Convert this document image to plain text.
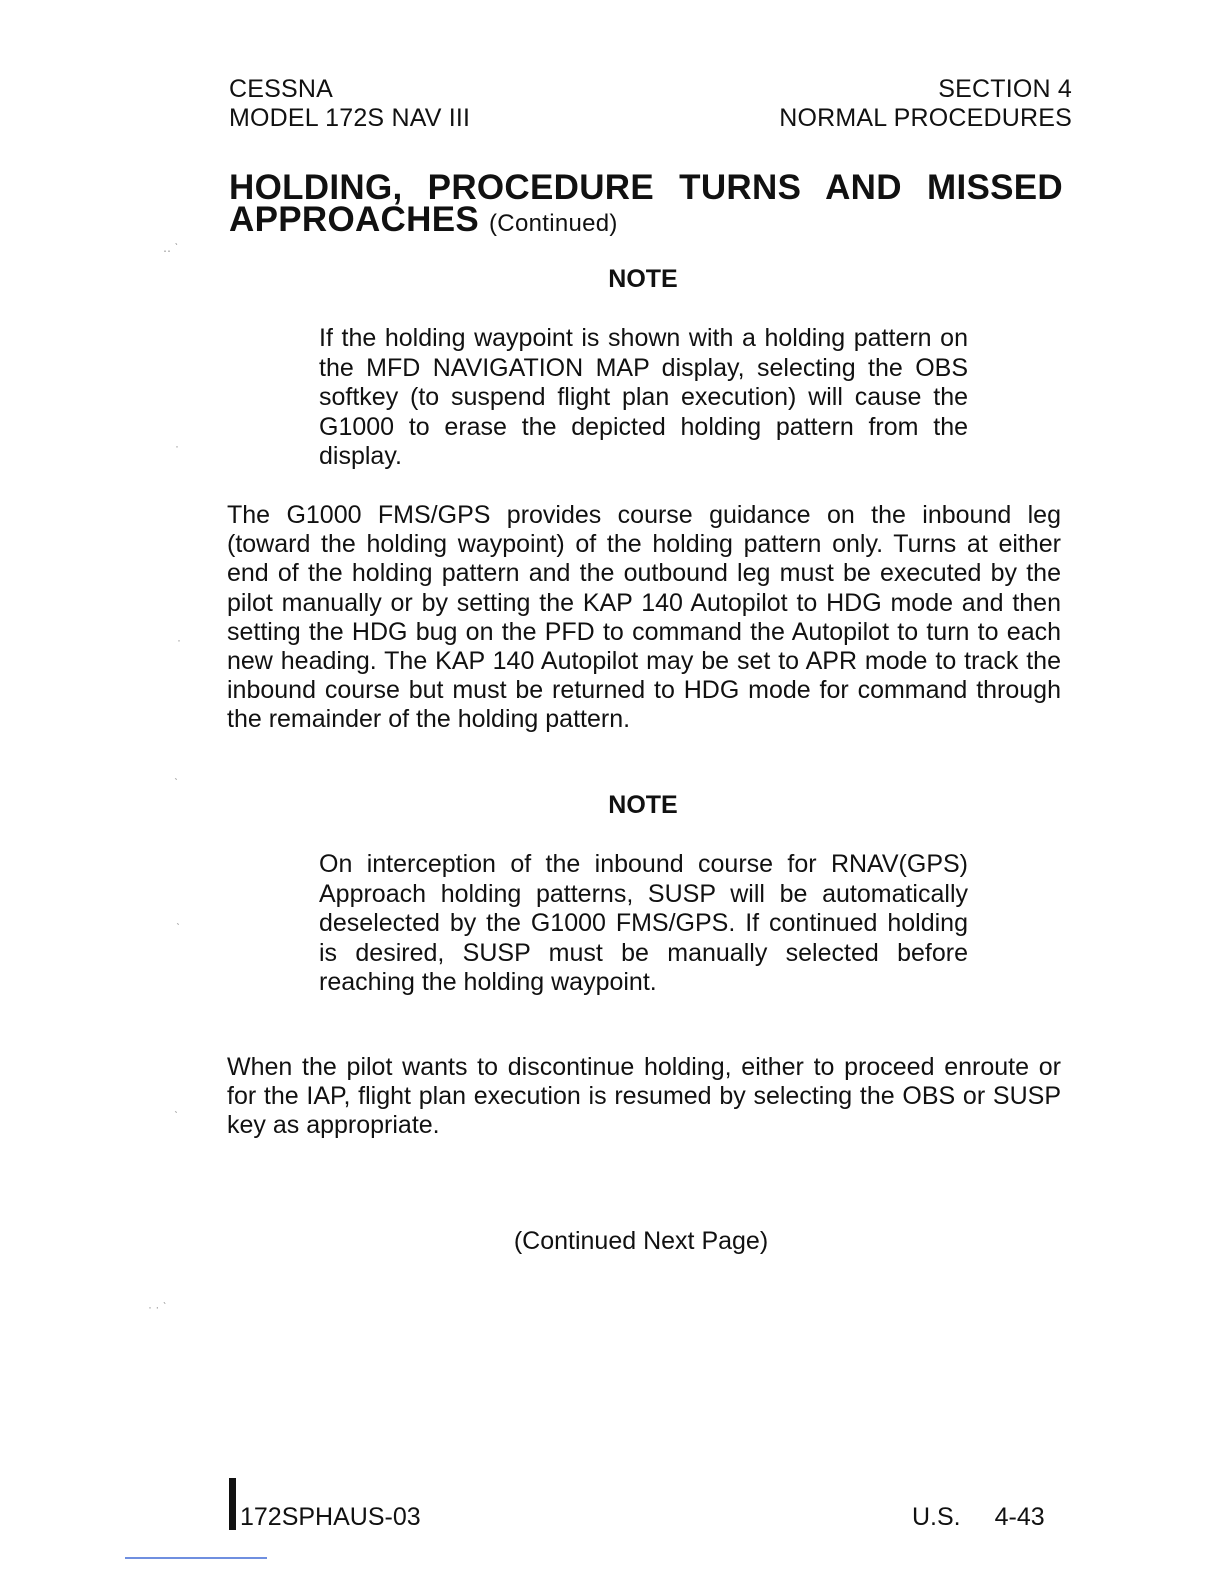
CESSNA
MODEL 172S NAV III
SECTION 4
NORMAL PROCEDURES
HOLDING, PROCEDURE TURNS AND MISSED
APPROACHES (Continued)
NOTE
If the holding waypoint is shown with a holding pattern on the MFD NAVIGATION MAP display, selecting the OBS softkey (to suspend flight plan execution) will cause the G1000 to erase the depicted holding pattern from the display.
The G1000 FMS/GPS provides course guidance on the inbound leg (toward the holding waypoint) of the holding pattern only. Turns at either end of the holding pattern and the outbound leg must be executed by the pilot manually or by setting the KAP 140 Autopilot to HDG mode and then setting the HDG bug on the PFD to command the Autopilot to turn to each new heading. The KAP 140 Autopilot may be set to APR mode to track the inbound course but must be returned to HDG mode for command through the remainder of the holding pattern.
NOTE
On interception of the inbound course for RNAV(GPS) Approach holding patterns, SUSP will be automatically deselected by the G1000 FMS/GPS. If continued holding is desired, SUSP must be manually selected before reaching the holding waypoint.
When the pilot wants to discontinue holding, either to proceed enroute or for the IAP, flight plan execution is resumed by selecting the OBS or SUSP key as appropriate.
(Continued Next Page)
172SPHAUS-03	U.S. 4-43
‥ ˋ
·
·
ˋ
ˋ
ˋ
· · ˋ
